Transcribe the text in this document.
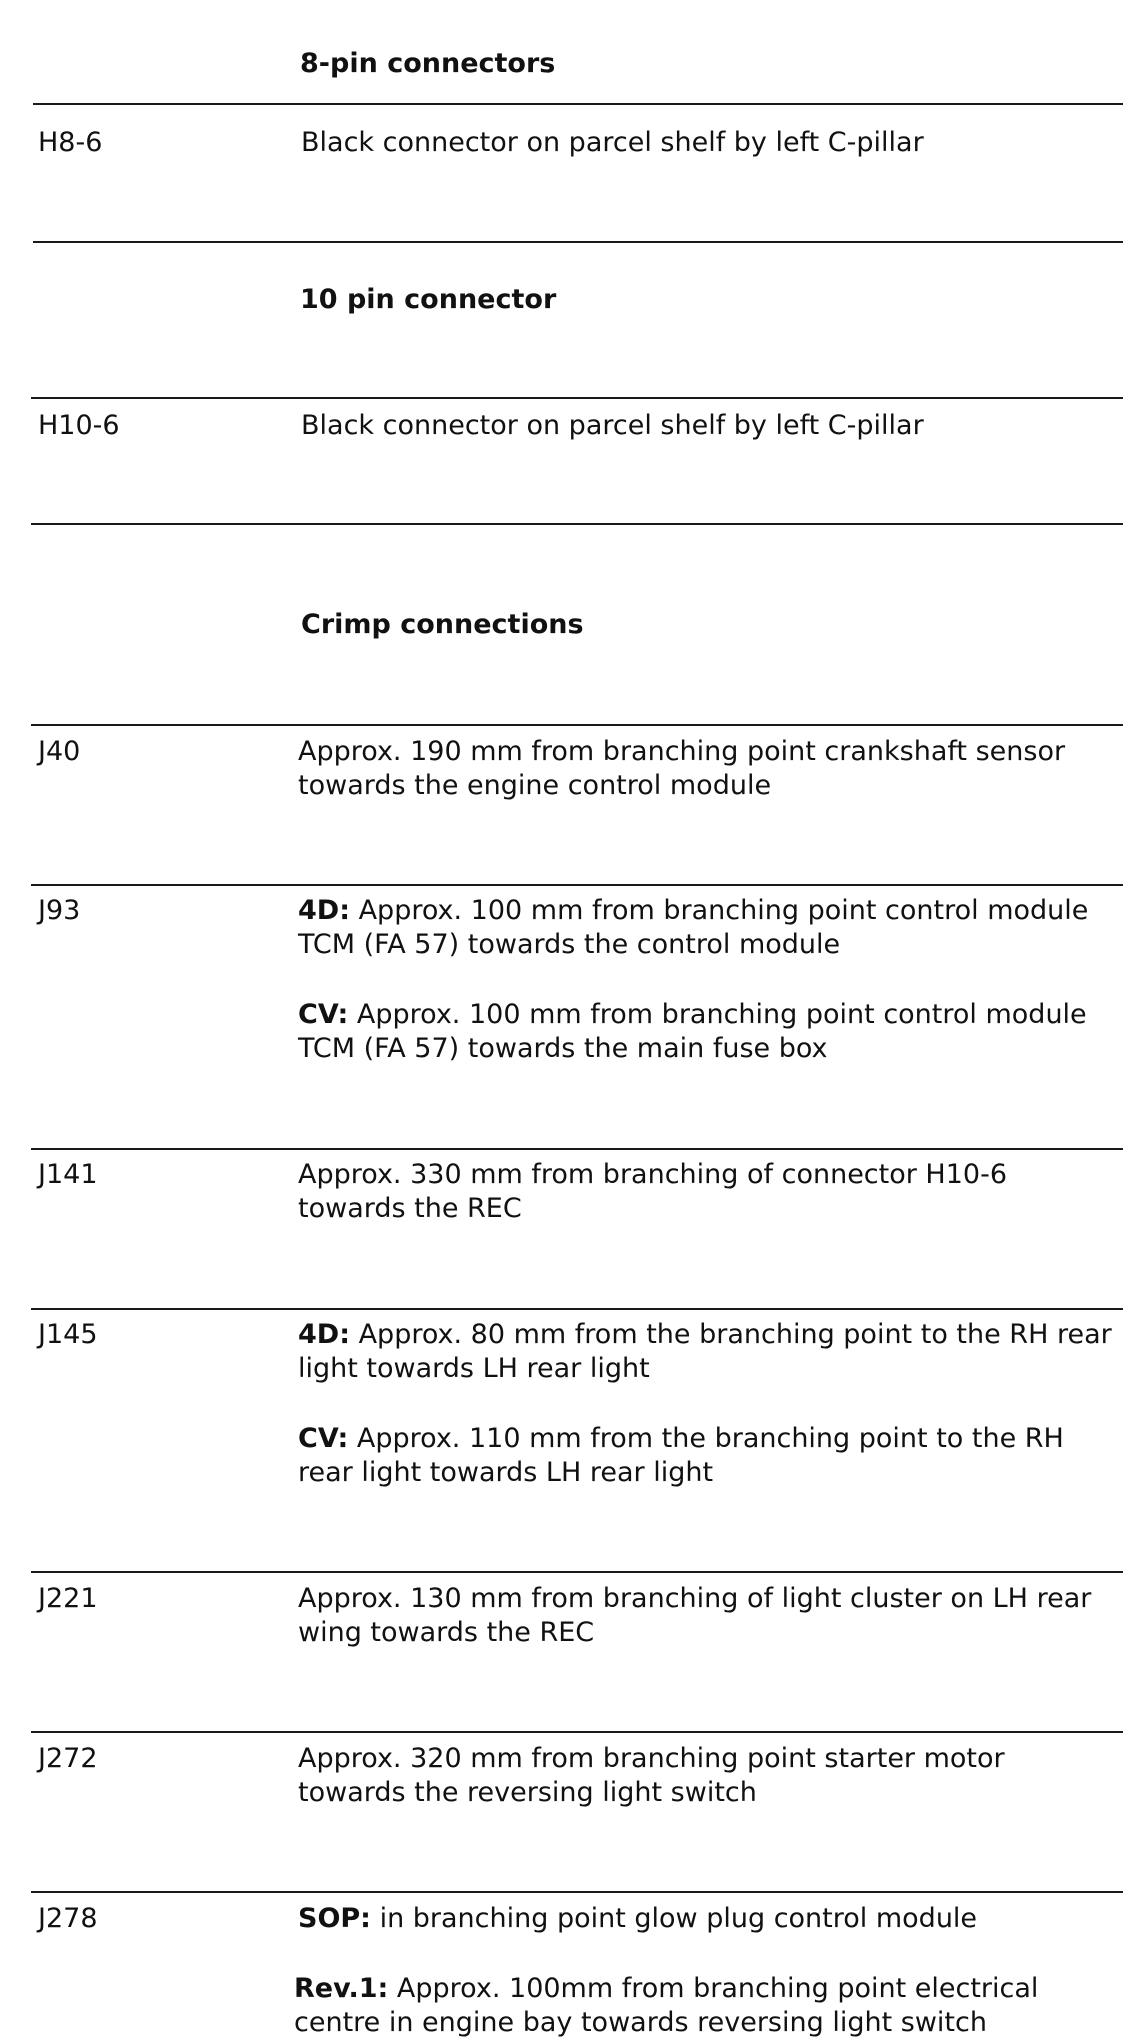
8-pin connectors
H8-6	Black connector on parcel shelf by left C-pillar

10 pin connector
H10-6	Black connector on parcel shelf by left C-pillar

Crimp connections
J40	Approx. 190 mm from branching point crankshaft sensor towards the engine control module

J93	4D: Approx. 100 mm from branching point control module TCM (FA 57) towards the control module

CV: Approx. 100 mm from branching point control module TCM (FA 57) towards the main fuse box

J141	Approx. 330 mm from branching of connector H10-6 towards the REC

J145	4D: Approx. 80 mm from the branching point to the RH rear light towards LH rear light

CV: Approx. 110 mm from the branching point to the RH rear light towards LH rear light

J221	Approx. 130 mm from branching of light cluster on LH rear wing towards the REC

J272	Approx. 320 mm from branching point starter motor towards the reversing light switch

J278	SOP: in branching point glow plug control module

Rev.1: Approx. 100mm from branching point electrical centre in engine bay towards reversing light switch
